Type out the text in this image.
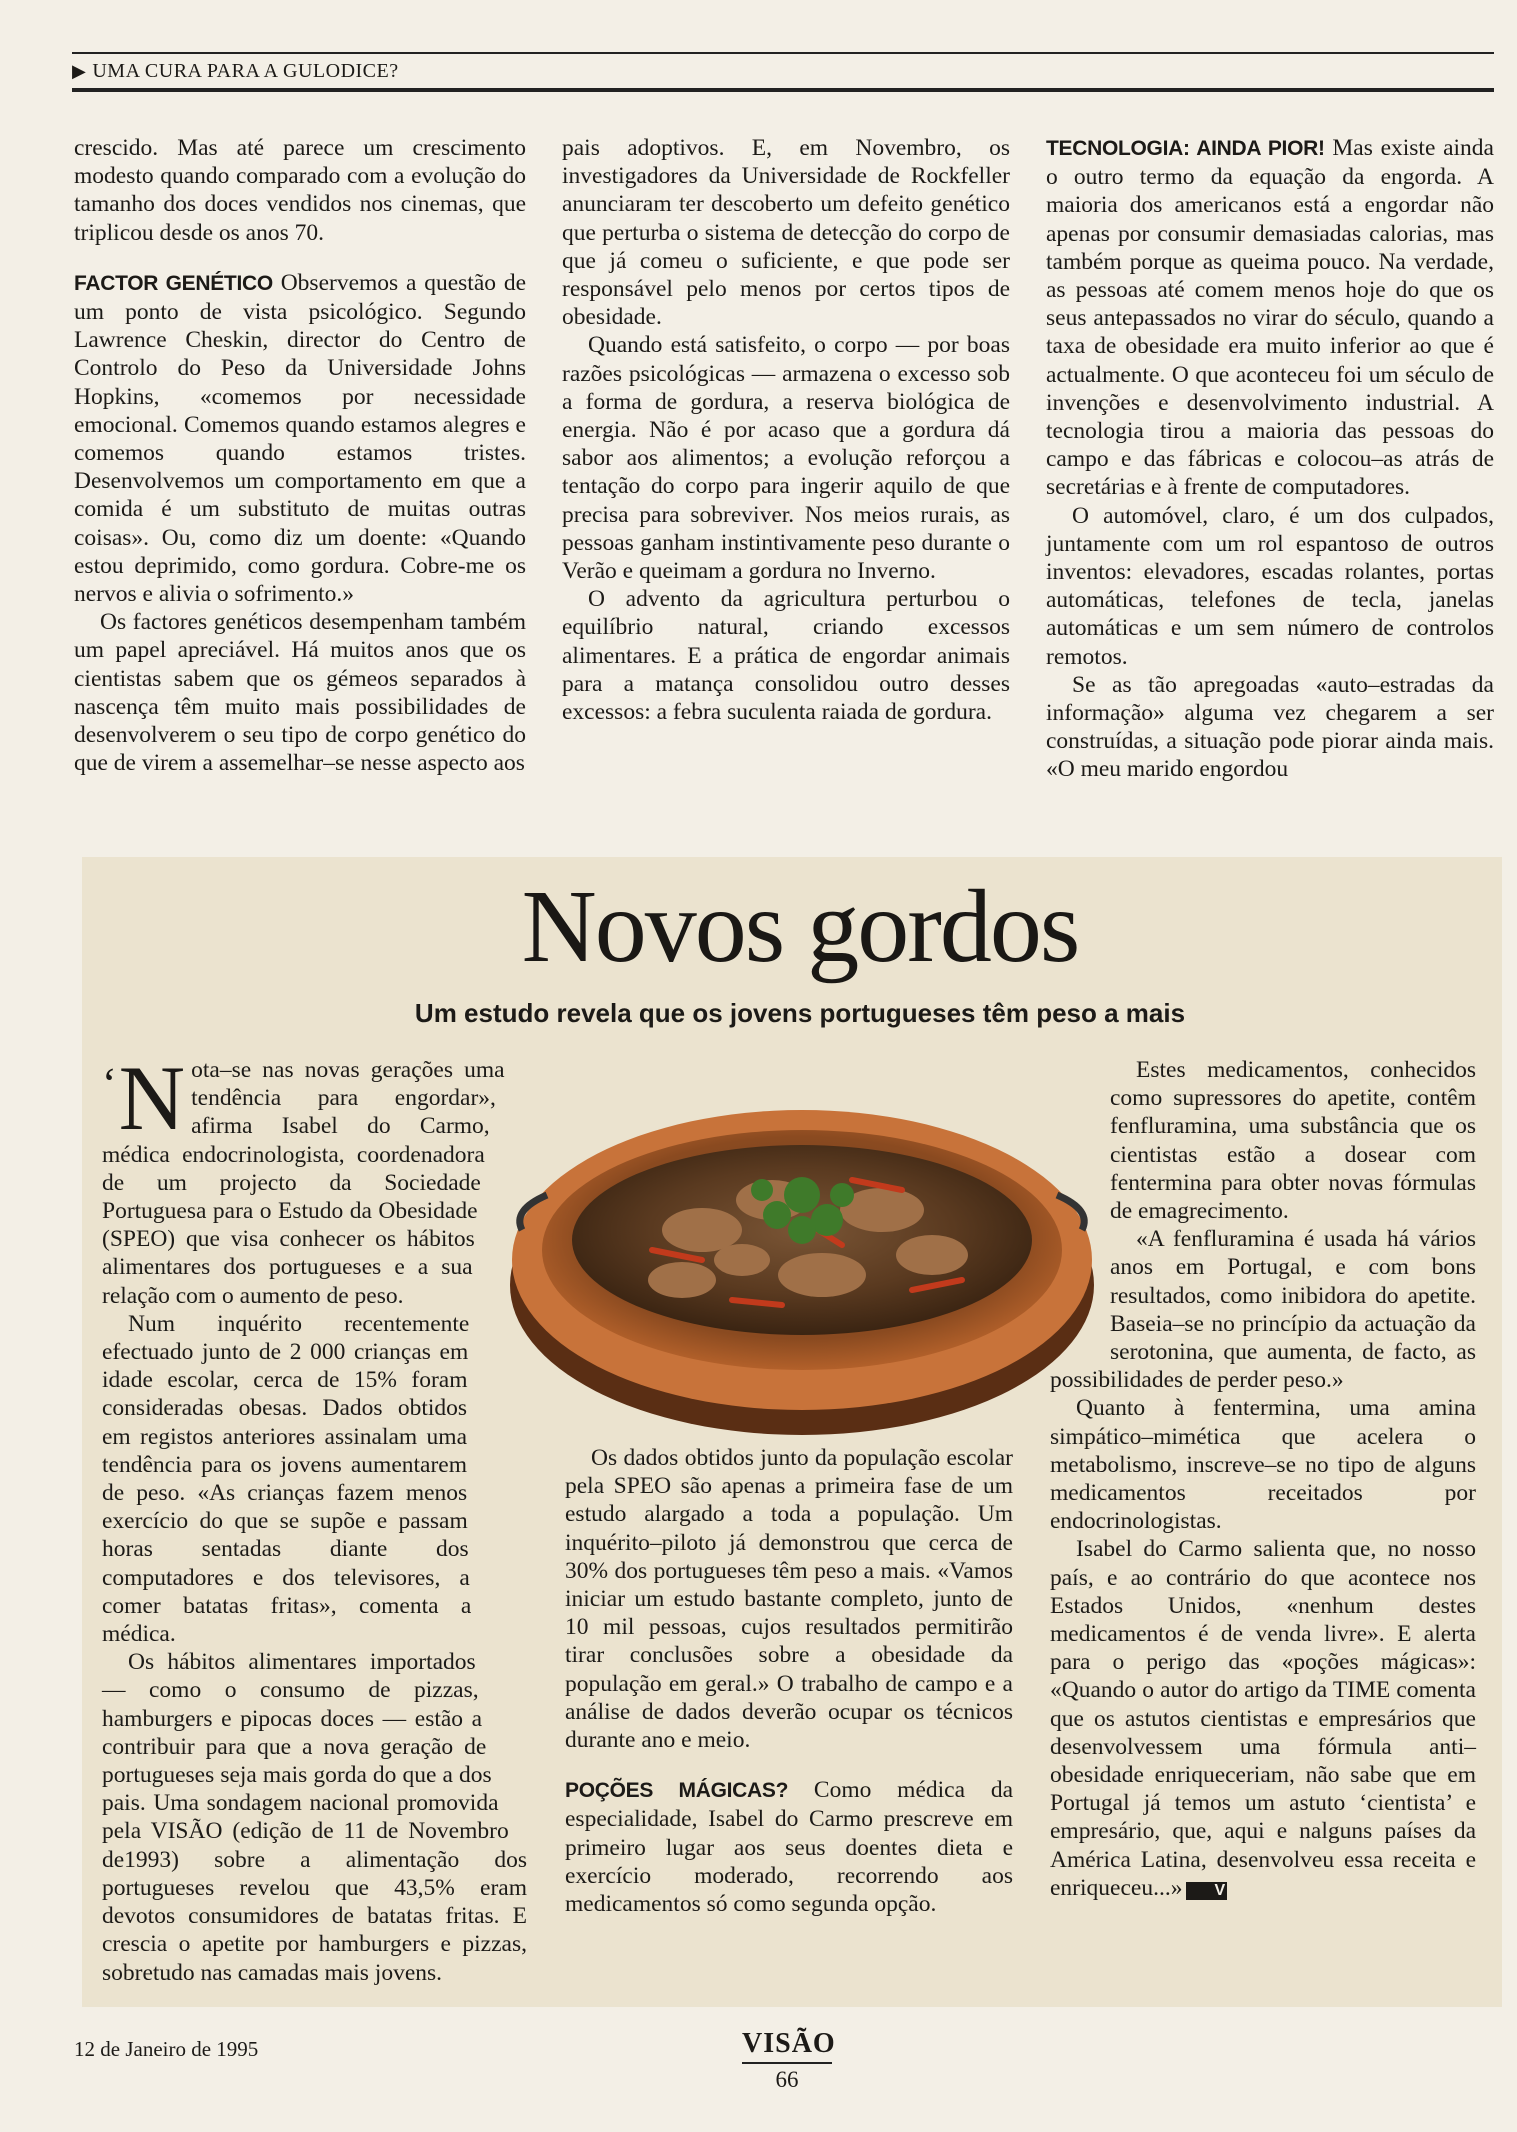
▶ UMA CURA PARA A GULODICE?

crescido. Mas até parece um crescimento modesto quando comparado com a evolução do tamanho dos doces vendidos nos cinemas, que triplicou desde os anos 70.

FACTOR GENÉTICO Observemos a questão de um ponto de vista psicológico. Segundo Lawrence Cheskin, director do Centro de Controlo do Peso da Universidade Johns Hopkins, «comemos por necessidade emocional. Comemos quando estamos alegres e comemos quando estamos tristes. Desenvolvemos um comportamento em que a comida é um substituto de muitas outras coisas». Ou, como diz um doente: «Quando estou deprimido, como gordura. Cobre-me os nervos e alivia o sofrimento.»

Os factores genéticos desempenham também um papel apreciável. Há muitos anos que os cientistas sabem que os gémeos separados à nascença têm muito mais possibilidades de desenvolverem o seu tipo de corpo genético do que de virem a assemelhar–se nesse aspecto aos

pais adoptivos. E, em Novembro, os investigadores da Universidade de Rockfeller anunciaram ter descoberto um defeito genético que perturba o sistema de detecção do corpo de que já comeu o suficiente, e que pode ser responsável pelo menos por certos tipos de obesidade.

Quando está satisfeito, o corpo — por boas razões psicológicas — armazena o excesso sob a forma de gordura, a reserva biológica de energia. Não é por acaso que a gordura dá sabor aos alimentos; a evolução reforçou a tentação do corpo para ingerir aquilo de que precisa para sobreviver. Nos meios rurais, as pessoas ganham instintivamente peso durante o Verão e queimam a gordura no Inverno.

O advento da agricultura perturbou o equilíbrio natural, criando excessos alimentares. E a prática de engordar animais para a matança consolidou outro desses excessos: a febra suculenta raiada de gordura.

TECNOLOGIA: AINDA PIOR! Mas existe ainda o outro termo da equação da engorda. A maioria dos americanos está a engordar não apenas por consumir demasiadas calorias, mas também porque as queima pouco. Na verdade, as pessoas até comem menos hoje do que os seus antepassados no virar do século, quando a taxa de obesidade era muito inferior ao que é actualmente. O que aconteceu foi um século de invenções e desenvolvimento industrial. A tecnologia tirou a maioria das pessoas do campo e das fábricas e colocou–as atrás de secretárias e à frente de computadores.

O automóvel, claro, é um dos culpados, juntamente com um rol espantoso de outros inventos: elevadores, escadas rolantes, portas automáticas, telefones de tecla, janelas automáticas e um sem número de controlos remotos.

Se as tão apregoadas «auto–estradas da informação» alguma vez chegarem a ser construídas, a situação pode piorar ainda mais. «O meu marido engordou

Novos gordos
Um estudo revela que os jovens portugueses têm peso a mais

‘ N ota–se nas novas gerações uma tendência para engordar», afirma Isabel do Carmo, médica endocrinologista, coordenadora de um projecto da Sociedade Portuguesa para o Estudo da Obesidade (SPEO) que visa conhecer os hábitos alimentares dos portugueses e a sua relação com o aumento de peso.

Num inquérito recentemente efectuado junto de 2 000 crianças em idade escolar, cerca de 15% foram consideradas obesas. Dados obtidos em registos anteriores assinalam uma tendência para os jovens aumentarem de peso. «As crianças fazem menos exercício do que se supõe e passam horas sentadas diante dos computadores e dos televisores, a comer batatas fritas», comenta a médica.

Os hábitos alimentares importados — como o consumo de pizzas, hamburgers e pipocas doces — estão a contribuir para que a nova geração de portugueses seja mais gorda do que a dos pais. Uma sondagem nacional promovida pela VISÃO (edição de 11 de Novembro de1993) sobre a alimentação dos portugueses revelou que 43,5% eram devotos consumidores de batatas fritas. E crescia o apetite por hamburgers e pizzas, sobretudo nas camadas mais jovens.

Os dados obtidos junto da população escolar pela SPEO são apenas a primeira fase de um estudo alargado a toda a população. Um inquérito–piloto já demonstrou que cerca de 30% dos portugueses têm peso a mais. «Vamos iniciar um estudo bastante completo, junto de 10 mil pessoas, cujos resultados permitirão tirar conclusões sobre a obesidade da população em geral.» O trabalho de campo e a análise de dados deverão ocupar os técnicos durante ano e meio.

POÇÕES MÁGICAS? Como médica da especialidade, Isabel do Carmo prescreve em primeiro lugar aos seus doentes dieta e exercício moderado, recorrendo aos medicamentos só como segunda opção.

Estes medicamentos, conhecidos como supressores do apetite, contêm fenfluramina, uma substância que os cientistas estão a dosear com fentermina para obter novas fórmulas de emagrecimento.

«A fenfluramina é usada há vários anos em Portugal, e com bons resultados, como inibidora do apetite. Baseia–se no princípio da actuação da serotonina, que aumenta, de facto, as possibilidades de perder peso.»

Quanto à fentermina, uma amina simpático–mimética que acelera o metabolismo, inscreve–se no tipo de alguns medicamentos receitados por endocrinologistas.

Isabel do Carmo salienta que, no nosso país, e ao contrário do que acontece nos Estados Unidos, «nenhum destes medicamentos é de venda livre». E alerta para o perigo das «poções mágicas»: «Quando o autor do artigo da TIME comenta que os astutos cientistas e empresários que desenvolvessem uma fórmula anti–obesidade enriqueceriam, não sabe que em Portugal já temos um astuto ‘cientista’ e empresário, que, aqui e nalguns países da América Latina, desenvolveu essa receita e enriqueceu...» V

12 de Janeiro de 1995	VISÃO
66
